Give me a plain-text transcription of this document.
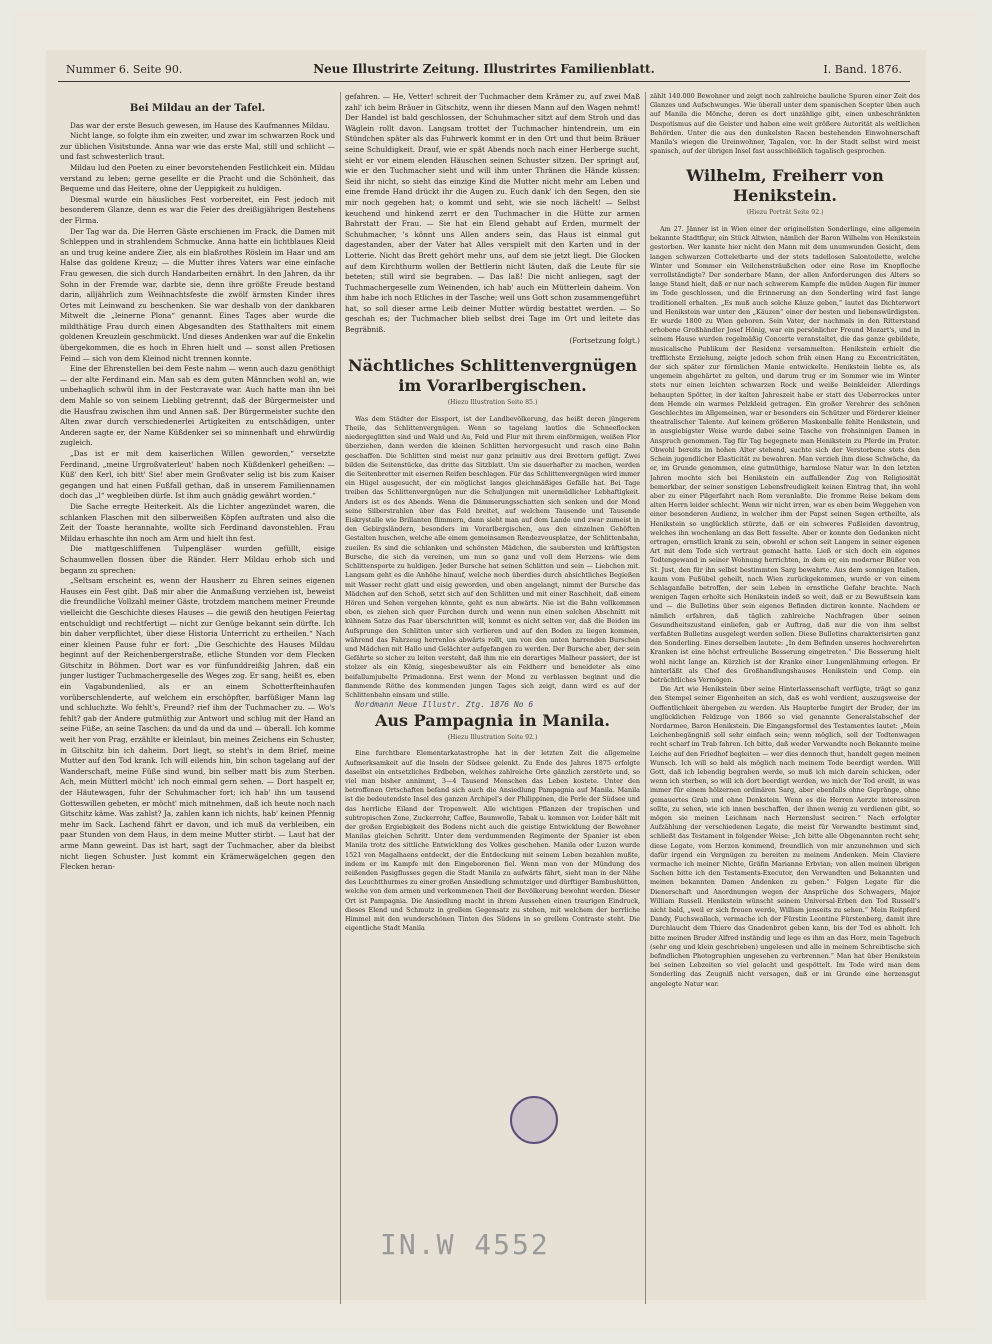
Nummer 6. Seite 90.	Neue Illustrirte Zeitung. Illustrirtes Familienblatt.	I. Band. 1876.
Bei Mildau an der Tafel.

Das war der erste Besuch gewesen, im Hause des Kaufmannes Mildau.

Nicht lange, so folgte ihm ein zweiter, und zwar im schwarzen Rock und zur üblichen Visitstunde. Anna war wie das erste Mal, still und schlicht — und fast schwesterlich traut.

Mildau lud den Poeten zu einer bevorstehenden Festlichkeit ein. Mildau verstand zu leben; gerne gesellte er die Pracht und die Schönheit, das Bequeme und das Heitere, ohne der Ueppigkeit zu huldigen.

Diesmal wurde ein häusliches Fest vorbereitet, ein Fest jedoch mit besonderem Glanze, denn es war die Feier des dreißigjährigen Bestehens der Firma.

Der Tag war da. Die Herren Gäste erschienen im Frack, die Damen mit Schleppen und in strahlendem Schmucke. Anna hatte ein lichtblaues Kleid an und trug keine andere Zier, als ein blaßrothes Röslein im Haar und am Halse das goldene Kreuz; — die Mutter ihres Vaters war eine einfache Frau gewesen, die sich durch Handarbeiten ernährt. In den Jahren, da ihr Sohn in der Fremde war, darbte sie, denn ihre größte Freude bestand darin, alljährlich zum Weihnachtsfeste die zwölf ärmsten Kinder ihres Ortes mit Leinwand zu beschenken. Sie war deshalb von der dankbaren Mitwelt die „leinerne Plona“ genannt. Eines Tages aber wurde die mildthätige Frau durch einen Abgesandten des Statthalters mit einem goldenen Kreuzlein geschmückt. Und dieses Andenken war auf die Enkelin übergekommen, die es hoch in Ehren hielt und — sonst allen Pretiosen Feind — sich von dem Kleinod nicht trennen konnte.

Eine der Ehrenstellen bei dem Feste nahm — wenn auch dazu genöthigt — der alte Ferdinand ein. Man sah es dem guten Männchen wohl an, wie unbehaglich schwül ihm in der Festcravate war. Auch hatte man ihn bei dem Mahle so von seinem Liebling getrennt, daß der Bürgermeister und die Hausfrau zwischen ihm und Annen saß. Der Bürgermeister suchte den Alten zwar durch verschiedenerlei Artigkeiten zu entschädigen, unter Anderen sagte er, der Name Küßdenker sei so minnenhaft und ehrwürdig zugleich.

„Das ist er mit dem kaiserlichen Willen geworden,“ versetzte Ferdinand, „meine Urgroßvaterleut' haben noch Küßdenkerl geheißen: — Küß' den Kerl, ich bitt' Sie! aber mein Großvater selig ist bis zum Kaiser gegangen und hat einen Fußfall gethan, daß in unserem Familiennamen doch das „l“ wegbleiben dürfe. Ist ihm auch gnädig gewährt worden.“

Die Sache erregte Heiterkeit. Als die Lichter angezündet waren, die schlanken Flaschen mit den silberweißen Köpfen auftraten und also die Zeit der Toaste herannahte, wollte sich Ferdinand davonstehlen. Frau Mildau erhaschte ihn noch am Arm und hielt ihn fest.

Die mattgeschliffenen Tulpengläser wurden gefüllt, eisige Schaumwellen flossen über die Ränder. Herr Mildau erhob sich und begann zu sprechen:

„Seltsam erscheint es, wenn der Hausherr zu Ehren seines eigenen Hauses ein Fest gibt. Daß mir aber die Anmaßung verziehen ist, beweist die freundliche Vollzahl meiner Gäste, trotzdem manchem meiner Freunde vielleicht die Geschichte dieses Hauses — die gewiß den heutigen Feiertag entschuldigt und rechtfertigt — nicht zur Genüge bekannt sein dürfte. Ich bin daher verpflichtet, über diese Historia Unterricht zu ertheilen.“ Nach einer kleinen Pause fuhr er fort: „Die Geschichte des Hauses Mildau beginnt auf der Reichenbergerstraße, etliche Stunden vor dem Flecken Gitschitz in Böhmen. Dort war es vor fünfunddreißig Jahren, daß ein junger lustiger Tuchmachergeselle des Weges zog. Er sang, heißt es, eben ein Vagabundenlied, als er an einem Schotterfteinhaufen vorüberschlenderte, auf welchem ein erschöpfter, barfüßiger Mann lag und schluchzte. Wo fehlt's, Freund? rief ihm der Tuchmacher zu. — Wo's fehlt? gab der Andere gutmüthig zur Antwort und schlug mit der Hand an seine Füße, an seine Taschen: da und da und da und — überall. Ich komme weit her von Prag, erzählte er kleinlaut, bin meines Zeichens ein Schuster, in Gitschitz bin ich daheim. Dort liegt, so steht's in dem Brief, meine Mutter auf den Tod krank. Ich will eilends hin, bin schon tagelang auf der Wanderschaft, meine Füße sind wund, bin selber matt bis zum Sterben. Ach, mein Mütterl möcht' ich noch einmal gern sehen. — Dort haspelt er, der Häutewagen, fuhr der Schuhmacher fort; ich hab' ihn um tausend Gotteswillen gebeten, er möcht' mich mitnehmen, daß ich heute noch nach Gitschitz käme. Was zahlst? Ja, zahlen kann ich nichts, hab' keinen Pfennig mehr im Sack. Lachend fährt er davon, und ich muß da verbleiben, ein paar Stunden von dem Haus, in dem meine Mutter stirbt. — Laut hat der arme Mann geweint. Das ist hart, sagt der Tuchmacher, aber da bleibst nicht liegen Schuster. Just kommt ein Krämerwägelchen gegen den Flecken heran-

gefahren. — He, Vetter! schreit der Tuchmacher dem Krämer zu, auf zwei Maß zahl' ich beim Bräuer in Gitschitz, wenn ihr diesen Mann auf den Wagen nehmt! Der Handel ist bald geschlossen, der Schuhmacher sitzt auf dem Stroh und das Wäglein rollt davon. Langsam trottet der Tuchmacher hintendrein, um ein Stündchen später als das Fuhrwerk kommt er in den Ort und thut beim Bräuer seine Schuldigkeit. Drauf, wie er spät Abends noch nach einer Herberge sucht, sieht er vor einem elenden Häuschen seinen Schuster sitzen. Der springt auf, wie er den Tuchmacher sieht und will ihm unter Thränen die Hände küssen: Seid ihr nicht, so sieht das einzige Kind die Mutter nicht mehr am Leben und eine fremde Hand drückt ihr die Augen zu. Euch dank' ich den Segen, den sie mir noch gegeben hat; o kommt und seht, wie sie noch lächelt! — Selbst keuchend und hinkend zerrt er den Tuchmacher in die Hütte zur armen Bahrstatt der Frau. — Sie hat ein Elend gehabt auf Erden, murmelt der Schuhmacher, 's könnt uns Allen anders sein, das Haus ist einmal gut dagestanden, aber der Vater hat Alles verspielt mit den Karten und in der Lotterie. Nicht das Brett gehört mehr uns, auf dem sie jetzt liegt. Die Glocken auf dem Kirchthurm wollen der Bettlerin nicht läuten, daß die Leute für sie beteten; still wird sie begraben. — Das laß! Die nicht anliegen, sagt der Tuchmachergeselle zum Weinenden, ich hab' auch ein Mütterlein daheim. Von ihm habe ich noch Etliches in der Tasche; weil uns Gott schon zusammengeführt hat, so soll dieser arme Leib deiner Mutter würdig bestattet werden. — So geschah es; der Tuchmacher blieb selbst drei Tage im Ort und leitete das Begräbniß.

(Fortsetzung folgt.)

Nächtliches Schlittenvergnügen im Vorarlbergischen.
(Hiezu Illustration Seite 85.)

Was dem Städter der Eissport, ist der Landbevölkerung, das heißt deren jüngerem Theile, das Schlittenvergnügen. Wenn so tagelang lautlos die Schneeflocken niedergeglitten sind und Wald und Au, Feld und Flur mit ihrem einförmigen, weißen Flor überziehen, dann werden die kleinen Schlitten hervorgesucht und rasch eine Bahn geschaffen. Die Schlitten sind meist nur ganz primitiv aus drei Brettern gefügt. Zwei bilden die Seitenstücke, das dritte das Sitzblatt. Um sie dauerhafter zu machen, werden die Seitenbretter mit eisernen Reifen beschlagen. Für das Schlittenvergnügen wird immer ein Hügel ausgesucht, der ein möglichst langes gleichmäßiges Gefälle hat. Bei Tage treiben das Schlittenvergnügen nur die Schuljungen mit unermüdlicher Lebhaftigkeit. Anders ist es des Abends. Wenn die Dämmerungsschatten sich senken und der Mond seine Silberstrahlen über das Feld breitet, auf welchem Tausende und Tausende Eiskrystalle wie Brillanten flimmern, dann sieht man auf dem Lande und zwar zumeist in den Gebirgsländern, besonders im Vorarlbergischen, aus den einzelnen Gehöften Gestalten huschen, welche alle einem gemeinsamen Rendezvousplatze, der Schlittenbahn, zueilen. Es sind die schlanken und schönsten Mädchen, die saubersten und kräftigsten Bursche, die sich da vereinen, um nun so ganz und voll dem Herzens- wie dem Schlittensporte zu huldigen. Jeder Bursche hat seinen Schlitten und sein — Liebchen mit. Langsam geht es die Anhöhe hinauf, welche noch überdies durch absichtliches Begießen mit Wasser recht glatt und eisig geworden, und oben angelangt, nimmt der Bursche das Mädchen auf den Schoß, setzt sich auf den Schlitten und mit einer Raschheit, daß einem Hören und Sehen vergehen könnte, geht es nun abwärts. Nie ist die Bahn vollkommen eben, es ziehen sich quer Furchen durch und wenn nun einen solchen Abschnitt mit kühnem Satze das Paar überschritten will, kommt es nicht selten vor, daß die Beiden im Aufsprunge den Schlitten unter sich verlieren und auf den Boden zu liegen kommen, während das Fahrzeug herrenlos abwärts rollt, um von den unten harrenden Burschen und Mädchen mit Hallo und Gelächter aufgefangen zu werden. Der Bursche aber, der sein Gefährte so sicher zu leiten versteht, daß ihm nie ein derartiges Malheur passiert, der ist stolzer als ein König, siegesbewußter als ein Feldherr und beneideter als eine beifallumjubelte Primadonna. Erst wenn der Mond zu verblassen beginnt und die flammende Röthe des kommenden jungen Tages sich zeigt, dann wird es auf der Schlittenbahn einsam und stille.

Nordmann Neue Illustr. Ztg. 1876 No 6

Aus Pampagnia in Manila.
(Hiezu Illustration Seite 92.)

Eine furchtbare Elementarkatastrophe hat in der letzten Zeit die allgemeine Aufmerksamkeit auf die Inseln der Südsee gelenkt. Zu Ende des Jahres 1875 erfolgte daselbst ein entsetzliches Erdbeben, welches zahlreiche Orte gänzlich zerstörte und, so viel man bisher annimmt, 3—4 Tausend Menschen das Leben kostete. Unter den betroffenen Ortschaften befand sich auch die Ansiedlung Pampagnia auf Manila. Manila ist die bedeutendste Insel des ganzen Archipel's der Philippinen, die Perle der Südsee und das herrliche Eiland der Tropenwelt. Alle wichtigen Pflanzen der tropischen und subtropischen Zone, Zuckerrohr, Caffee, Baumwolle, Tabak u. kommen vor. Leider hält mit der großen Ergiebigkeit des Bodens nicht auch die geistige Entwicklung der Bewohner Manilas gleichen Schritt. Unter dem verdummenden Regimente der Spanier ist eben Manila trotz des sittliche Entwicklung des Volkes geschehen. Manila oder Luzon wurde 1521 von Magalhaens entdeckt, der die Entdeckung mit seinem Leben bezahlen mußte, indem er im Kampfe mit den Eingeborenen fiel. Wenn man von der Mündung des reißenden Pasigflusses gegen die Stadt Manila zu aufwärts fährt, sieht man in der Nähe des Leuchtthurmes zu einer großen Ansiedlung schmutziger und dürftiger Bambushütten, welche von dem armen und verkommenen Theil der Bevölkerung bewohnt werden. Dieser Ort ist Pampagnia. Die Ansiedlung macht in ihrem Aussehen einen traurigen Eindruck, dieses Elend und Schmutz in grellem Gegensatz zu stehen, mit welchem der herrliche Himmel mit den wunderschönen Tinten des Südens in so grellem Contraste steht. Die eigentliche Stadt Manila

zählt 140.000 Bewohner und zeigt noch zahlreiche bauliche Spuren einer Zeit des Glanzes und Aufschwunges. Wie überall unter dem spanischen Scepter üben auch auf Manila die Mönche, deren es dort unzählige gibt, einen unbeschränkten Despotismus auf die Geister und haben eine weit größere Autorität als weltlichen Behörden. Unter die aus den dunkelsten Racen bestehenden Einwohnerschaft Manila's wiegen die Ureinwohner, Tagalen, vor. In der Stadt selbst wird meist spanisch, auf der übrigen Insel fast ausschließlich tagalisch gesprochen.

Wilhelm, Freiherr von Henikstein.
(Hiezu Porträt Seite 92.)

Am 27. Jänner ist in Wien einer der originellsten Sonderlinge, eine allgemein bekannte Stadtfigur, ein Stück Altwien, nämlich der Baron Wilhelm von Henikstein gestorben. Wer kannte hier nicht den Mann mit dem unumwunden Gesicht, dem langen schwarzen Cotteletbarte und der stets tadellosen Salontoilette, welche Winter und Sommer ein Veilchensträußchen oder eine Rose im Knopfloche verrollständigte? Der sonderbare Mann, der allen Anforderungen des Alters so lange Stand hielt, daß er nur nach schwerem Kampfe die müden Augen für immer im Tode geschlossen, und die Erinnerung an den Sonderling wird fast lange traditionell erhalten. „Es muß auch solche Käuze geben,“ lautet das Dichterwort und Henikstein war unter den „Käuzen“ einer der besten und liebenswürdigsten. Er wurde 1800 zu Wien geboren. Sein Vater, der nachmals in den Ritterstand erhobene Großhändler Josef Hönig, war ein persönlicher Freund Mozart's, und in seinem Hause wurden regelmäßig Concerte veranstaltet, die das ganze gebildete, musicalische Publikum der Residenz versammelten. Henikstein erhielt die trefflichste Erziehung, zeigte jedoch schon früh einen Hang zu Excentricitäten, der sich später zur förmlichen Manie entwickelte. Henikstein liebte es, als ungemein abgehärtet zu gelten, und darum trug er im Sommer wie im Winter stets nur einen leichten schwarzen Rock und weiße Beinkleider. Allerdings behaupten Spötter, in der kalten Jahreszeit habe er statt des Ueberrockes unter dem Hemde ein warmes Pelzkleid getragen. Ein großer Verehrer des schönen Geschlechtes im Allgemeinen, war er besonders ein Schützer und Förderer kleiner theatralischer Talente. Auf keinem größeren Maskenballe fehlte Henikstein, und in ausgiebigster Weise wurde dabei seine Tasche von frohsinnigen Damen in Anspruch genommen. Tag für Tag begegnete man Henikstein zu Pferde im Prater. Obwohl bereits im hohen Alter stehend, suchte sich der Verstorbene stets den Schein jugendlicher Elasticität zu bewahren. Man verzieh ihm diese Schwäche, da er, im Grunde genommen, eine gutmüthige, harmlose Natur war. In den letzten Jahren mochte sich bei Henikstein ein auffallender Zug von Religiosität bemerkbar, der seiner sonstigen Lebensfreudigkeit keinen Eintrag that, ihn wohl aber zu einer Pilgerfahrt nach Rom veranlaßte. Die fromme Reise bekam dem alten Herrn leider schlecht. Wenn wir nicht irren, war es eben beim Weggehen von einer besonderen Audienz, in welcher ihm der Papst seinen Segen ertheilte, als Henikstein so unglücklich stürzte, daß er ein schweres Fußleiden davontrug, welches ihn wochenlang an das Bett fesselte. Aber er konnte den Gedanken nicht ertragen, ernstlich krank zu sein, obwohl er schon seit Langem in seiner eigenen Art mit dem Tode sich vertraut gemacht hatte. Ließ er sich doch ein eigenes Todtengewand in seiner Wohnung herrichten, in dem er, ein moderner Büßer von St. Just, den für ihn selbst bestimmten Sarg bewahrte. Aus dem sonnigen Italien, kaum vom Fußübel geheilt, nach Wien zurückgekommen, wurde er von einem Schlaganfalle betroffen, der sein Leben in ernstliche Gefahr brachte. Nach wenigen Tagen erholte sich Henikstein indeß so weit, daß er zu Bewußtsein kam und — die Bulletins über sein eigenes Befinden dictiren konnte. Nachdem er nämlich erfahren, daß täglich zahlreiche Nachfragen über seinen Gesundheitszustand einliefen, gab er Auftrag, daß nur die von ihm selbst verfaßten Bulletins ausgelegt werden sollen. Diese Bulletins charakterisirten ganz den Sonderling. Eines derselben lautete: „In dem Befinden unseres hochverehrten Kranken ist eine höchst erfreuliche Besserung eingetreten.“ Die Besserung hielt wohl nicht lange an. Kürzlich ist der Kranke einer Lungenlähmung erlegen. Er hinterläßt als Chef des Großhandlungshauses Henikstein und Comp. ein beträchtliches Vermögen.

Die Art wie Henikstein über seine Hinterlassenschaft verfügte, trägt so ganz den Stempel seiner Eigenheiten an sich, daß es wohl verdient, auszugsweise der Oeffentlichkeit übergeben zu werden. Als Haupterbe fungirt der Bruder, der im unglücklichen Feldzuge von 1866 so viel genannte Generalstabschef der Nordarmee, Baron Henikstein. Die Eingangsformel des Testamentes lautet: „Mein Leichenbegängniß soll sehr einfach sein; wenn möglich, soll der Todtenwagen recht scharf im Trab fahren. Ich bitte, daß weder Verwandte noch Bekannte meine Leiche auf den Friedhof begleiten — wer dies dennoch thut, handelt gegen meinen Wunsch. Ich will so bald als möglich nach meinem Tode beerdigt werden. Will Gott, daß ich lebendig begraben werde, so muß ich mich darein schicken, oder wenn ich sterben, so will ich dort beerdigt werden, wo mich der Tod ereilt, in was immer für einem hölzernen ordinären Sarg, aber ebenfalls ohne Gepränge, ohne gemauertes Grab und ohne Denkstein. Wenn es die Herren Aerzte interessiren sollte, zu sehen, wie ich innen beschaffen, der ihnen wenig zu verdienen gibt, so mögen sie meinen Leichnam nach Herzenslust seciren.“ Nach erfolgter Aufzählung der verschiedenen Legate, die meist für Verwandte bestimmt sind, schließt das Testament in folgender Weise: „Ich bitte alle Obgenannten recht sehr, diese Legate, vom Herzen kommend, freundlich von mir anzunehmen und sich dafür irgend ein Vergnügen zu bereiten zu meinem Andenken. Mein Claviere vermache ich meiner Nichte, Gräfin Marianne Erbvian; von allen meinen übrigen Sachen bitte ich den Testaments-Executor, den Verwandten und Bekannten und meinen bekannten Damen Andenken zu geben.“ Folgen Legate für die Dienerschaft und Anordnungen wegen der Ansprüche des Schwagers, Major William Russell. Henikstein wünscht seinem Universal-Erben den Tod Russell's nicht bald, „weil er sich freuen werde, William jenseits zu sehen.“ Mein Reitpferd Dandy, Fuchswallach, vermache ich der Fürstin Leontine Fürstenberg, damit ihre Durchlaucht dem Thiere das Gnadenbrot geben kann, bis der Tod es abholt. Ich bitte meinen Bruder Alfred inständig und lege es ihm an das Herz, mein Tagebuch (sehr eng und klein geschrieben) ungelesen und alle in meinem Schreibtische sich befindlichen Photographien ungesehen zu verbrennen.“ Man hat über Henikstein bei seinen Lebzeiten so viel gelacht und gespöttelt. Im Tode wird man dem Sonderling das Zeugniß nicht versagen, daß er im Grunde eine herzensgut angelegte Natur war.

IN.W 4552
